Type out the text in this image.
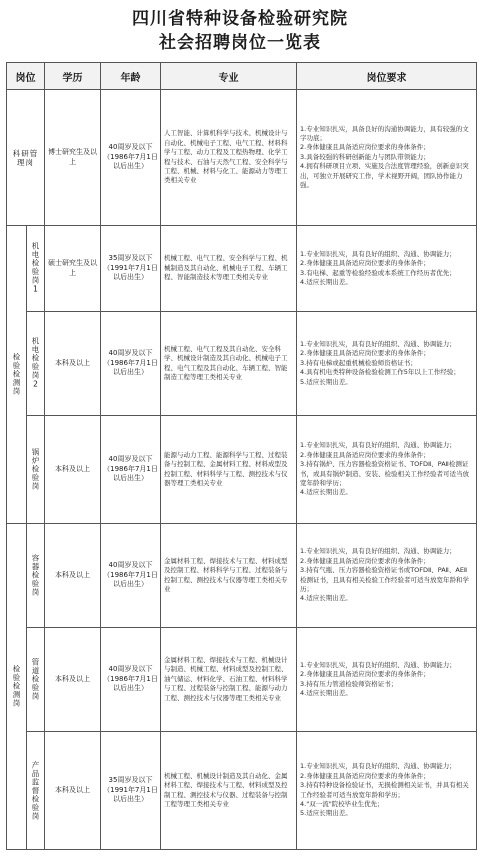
四川省特种设备检验研究院
社会招聘岗位一览表
岗位		学历	年龄	专业	岗位要求

科研管理岗		博士研究生及以上	40周岁及以下（1986年7月1日以后出生）	人工智能、计算机科学与技术、机械设计与自动化、机械电子工程、电气工程、材料科学与工程、动力工程及工程热物理、化学工程与技术、石油与天然气工程、安全科学与工程、机械、材料与化工、能源动力等理工类相关专业	1.专业知识扎实，具备良好的沟通协调能力，具有较强的文字功底；
2.身体健康且具备适应岗位要求的身体条件；
3.具备较强的科研创新能力与团队带领能力；
4.拥有科研项目立项、实施及合法度管理经验，创新意识突出，可独立开展研究工作，学术视野开阔，团队协作能力强。

检验检测岗	机电检验岗1	硕士研究生及以上	35周岁及以下（1991年7月1日以后出生）	机械工程、电气工程、安全科学与工程、机械制造及其自动化、机械电子工程、车辆工程、智能制造技术等理工类相关专业	1.专业知识扎实，具有良好的组织、沟通、协调能力；
2.身体健康且具备适应岗位要求的身体条件；
3.有电梯、起重等检验经验或本系统工作经历者优先；
4.适应长期出差。

	机电检验岗2	本科及以上	40周岁及以下（1986年7月1日以后出生）	机械工程、电气工程及其自动化、安全科学、机械设计制造及其自动化、机械电子工程、电气工程及其自动化、车辆工程、智能制造工程等理工类相关专业	1.专业知识扎实，具有良好的组织、沟通、协调能力；
2.身体健康且具备适应岗位要求的身体条件；
3.持有电梯或起重机械检验师资格证书；
4.具有机电类特种设备检验检测工作5年以上工作经验；
5.适应长期出差。

	锅炉检验岗	本科及以上	40周岁及以下（1986年7月1日以后出生）	能源与动力工程、能源科学与工程、过程装备与控制工程、金属材料工程、材料成型及控制工程、材料科学与工程、测控技术与仪器等理工类相关专业	1.专业知识扎实，具有良好的组织、沟通、协调能力；
2.身体健康且具备适应岗位要求的身体条件；
3.持有锅炉、压力容器检验资格证书、TOFDⅡ、PAⅡ检测证书，或具有锅炉制造、安装、检验相关工作经验者可适当放宽年龄和学历；
4.适应长期出差。

检验检测岗	容器检验岗	本科及以上	40周岁及以下（1986年7月1日以后出生）	金属材料工程、焊接技术与工程、材料成型及控制工程、材料科学与工程、过程装备与控制工程、测控技术与仪器等理工类相关专业	1.专业知识扎实，具有良好的组织、沟通、协调能力；
2.身体健康且具备适应岗位要求的身体条件；
3.持有气瓶、压力容器检验资格证书或TOFDⅡ、PAⅡ、AEⅡ检测证书，且具有相关检验工作经验者可适当放宽年龄和学历；
4.适应长期出差。

	管道检验岗	本科及以上	40周岁及以下（1986年7月1日以后出生）	金属材料工程、焊接技术与工程、机械设计与制造、机械工程、材料成型及控制工程、油气储运、材料化学、石油工程、材料科学与工程、过程装备与控制工程、能源与动力工程、测控技术与仪器等理工类相关专业	1.专业知识扎实，具有良好的组织、沟通、协调能力；
2.身体健康且具备适应岗位要求的身体条件；
3.持有压力管道检验师资格证书；
4.适应长期出差。

	产品监督检验岗	本科及以上	35周岁及以下（1991年7月1日以后出生）	机械工程、机械设计制造及其自动化、金属材料工程、焊接技术与工程、材料成型及控制工程、测控技术与仪器、过程装备与控制工程等理工类相关专业	1.专业知识扎实，具有良好的组织、沟通、协调能力；
2.身体健康且具备适应岗位要求的身体条件；
3.持有特种设备检验证书，无损检测相关证书，并具有相关工作经验者可适当放宽年龄和学历；
4."双一流"院校毕业生优先；
5.适应长期出差。
